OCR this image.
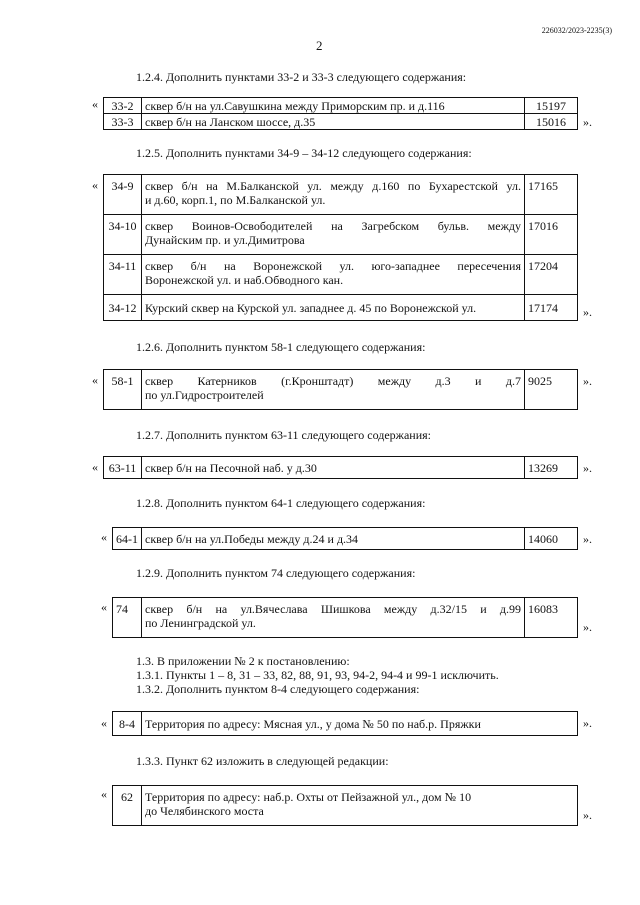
226032/2023-2235(3)
2
1.2.4. Дополнить пунктами 33-2 и 33-3 следующего содержания:
« 33-2	сквер б/н на ул.Савушкина между Приморским пр. и д.116	15197
33-3	сквер б/н на Ланском шоссе, д.35	15016 ».
1.2.5. Дополнить пунктами 34-9 – 34-12 следующего содержания:
« 34-9	сквер б/н на М.Балканской ул. между д.160 по Бухарестской ул.
и д.60, корп.1, по М.Балканской ул.	17165
34-10	сквер Воинов-Освободителей на Загребском бульв. между
Дунайским пр. и ул.Димитрова	17016
34-11	сквер б/н на Воронежской ул. юго-западнее пересечения
Воронежской ул. и наб.Обводного кан.	17204
34-12	Курский сквер на Курской ул. западнее д. 45 по Воронежской ул.	17174 ».
1.2.6. Дополнить пунктом 58-1 следующего содержания:
« 58-1	сквер Катерников (г.Кронштадт) между д.3 и д.7
по ул.Гидростроителей
	9025	».
1.2.7. Дополнить пунктом 63-11 следующего содержания:
« 63-11	сквер б/н на Песочной наб. у д.30	13269 ».
1.2.8. Дополнить пунктом 64-1 следующего содержания:
« 64-1	сквер б/н на ул.Победы между д.24 и д.34	14060 ».
1.2.9. Дополнить пунктом 74 следующего содержания:
« 74	сквер б/н на ул.Вячеслава Шишкова между д.32/15 и д.99
по Ленинградской ул.
	16083
».
1.3. В приложении № 2 к постановлению:
1.3.1. Пункты 1 – 8, 31 – 33, 82, 88, 91, 93, 94-2, 94-4 и 99-1 исключить.
1.3.2. Дополнить пунктом 8-4 следующего содержания:
« 8-4	Территория по адресу: Мясная ул., у дома № 50 по наб.р. Пряжки	».
1.3.3. Пункт 62 изложить в следующей редакции:
« 62	Территория по адресу: наб.р. Охты от Пейзажной ул., дом № 10
до Челябинского моста	».
